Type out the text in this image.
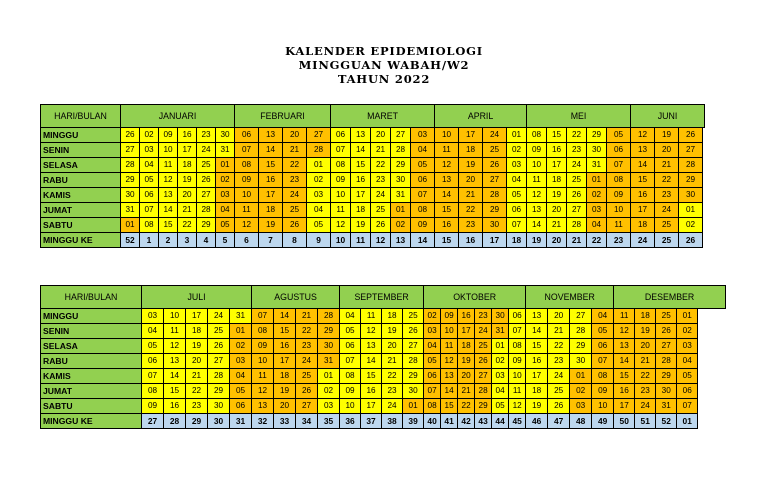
KALENDER EPIDEMIOLOGI
MINGGUAN WABAH/W2
TAHUN 2022
HARI/BULAN	JANUARI						FEBRUARI				MARET					APRIL				MEI					JUNI		
MINGGU	26	02	09	16	23	30	06	13	20	27	06	13	20	27	03	10	17	24	01	08	15	22	29	05	12	19	26
SENIN	27	03	10	17	24	31	07	14	21	28	07	14	21	28	04	11	18	25	02	09	16	23	30	06	13	20	27
SELASA	28	04	11	18	25	01	08	15	22	01	08	15	22	29	05	12	19	26	03	10	17	24	31	07	14	21	28
RABU	29	05	12	19	26	02	09	16	23	02	09	16	23	30	06	13	20	27	04	11	18	25	01	08	15	22	29
KAMIS	30	06	13	20	27	03	10	17	24	03	10	17	24	31	07	14	21	28	05	12	19	26	02	09	16	23	30
JUMAT	31	07	14	21	28	04	11	18	25	04	11	18	25	01	08	15	22	29	06	13	20	27	03	10	17	24	01
SABTU	01	08	15	22	29	05	12	19	26	05	12	19	26	02	09	16	23	30	07	14	21	28	04	11	18	25	02
MINGGU KE	52	1	2	3	4	5	6	7	8	9	10	11	12	13	14	15	16	17	18	19	20	21	22	23	24	25	26
HARI/BULAN	JULI					AGUSTUS				SEPTEMBER				OKTOBER						NOVEMBER				DESEMBER			
MINGGU	03	10	17	24	31	07	14	21	28	04	11	18	25	02	09	16	23	30	06	13	20	27	04	11	18	25	01
SENIN	04	11	18	25	01	08	15	22	29	05	12	19	26	03	10	17	24	31	07	14	21	28	05	12	19	26	02
SELASA	05	12	19	26	02	09	16	23	30	06	13	20	27	04	11	18	25	01	08	15	22	29	06	13	20	27	03
RABU	06	13	20	27	03	10	17	24	31	07	14	21	28	05	12	19	26	02	09	16	23	30	07	14	21	28	04
KAMIS	07	14	21	28	04	11	18	25	01	08	15	22	29	06	13	20	27	03	10	17	24	01	08	15	22	29	05
JUMAT	08	15	22	29	05	12	19	26	02	09	16	23	30	07	14	21	28	04	11	18	25	02	09	16	23	30	06
SABTU	09	16	23	30	06	13	20	27	03	10	17	24	01	08	15	22	29	05	12	19	26	03	10	17	24	31	07
MINGGU KE	27	28	29	30	31	32	33	34	35	36	37	38	39	40	41	42	43	44	45	46	47	48	49	50	51	52	01
